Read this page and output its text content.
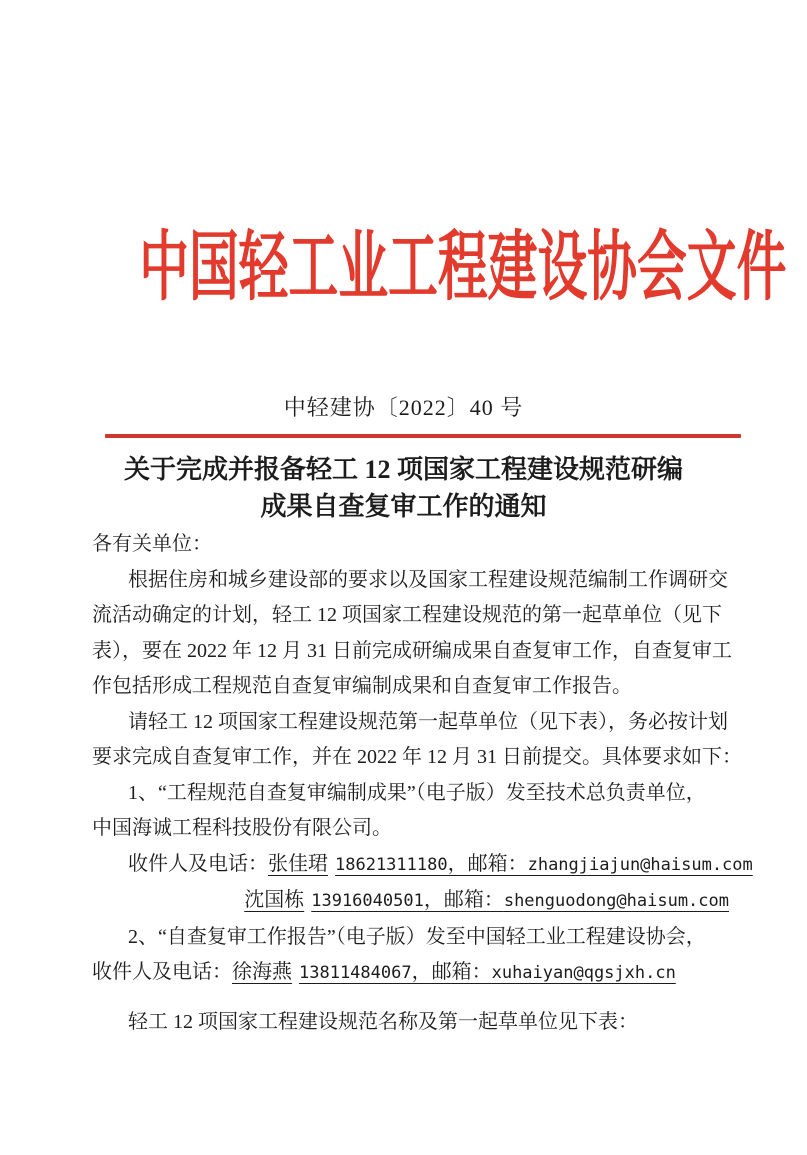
中国轻工业工程建设协会文件
中轻建协〔2022〕40 号
关于完成并报备轻工 12 项国家工程建设规范研编
成果自查复审工作的通知
各有关单位：
根据住房和城乡建设部的要求以及国家工程建设规范编制工作调研交
流活动确定的计划，轻工 12 项国家工程建设规范的第一起草单位（见下
表），要在 2022 年 12 月 31 日前完成研编成果自查复审工作，自查复审工
作包括形成工程规范自查复审编制成果和自查复审工作报告。
请轻工 12 项国家工程建设规范第一起草单位（见下表），务必按计划
要求完成自查复审工作，并在 2022 年 12 月 31 日前提交。具体要求如下：
1、“工程规范自查复审编制成果”（电子版）发至技术总负责单位，
中国海诚工程科技股份有限公司。
收件人及电话：张佳珺 18621311180，邮箱：zhangjiajun@haisum.com
沈国栋 13916040501，邮箱：shenguodong@haisum.com
2、“自查复审工作报告”（电子版）发至中国轻工业工程建设协会，
收件人及电话：徐海燕 13811484067，邮箱：xuhaiyan@qgsjxh.cn
轻工 12 项国家工程建设规范名称及第一起草单位见下表：
